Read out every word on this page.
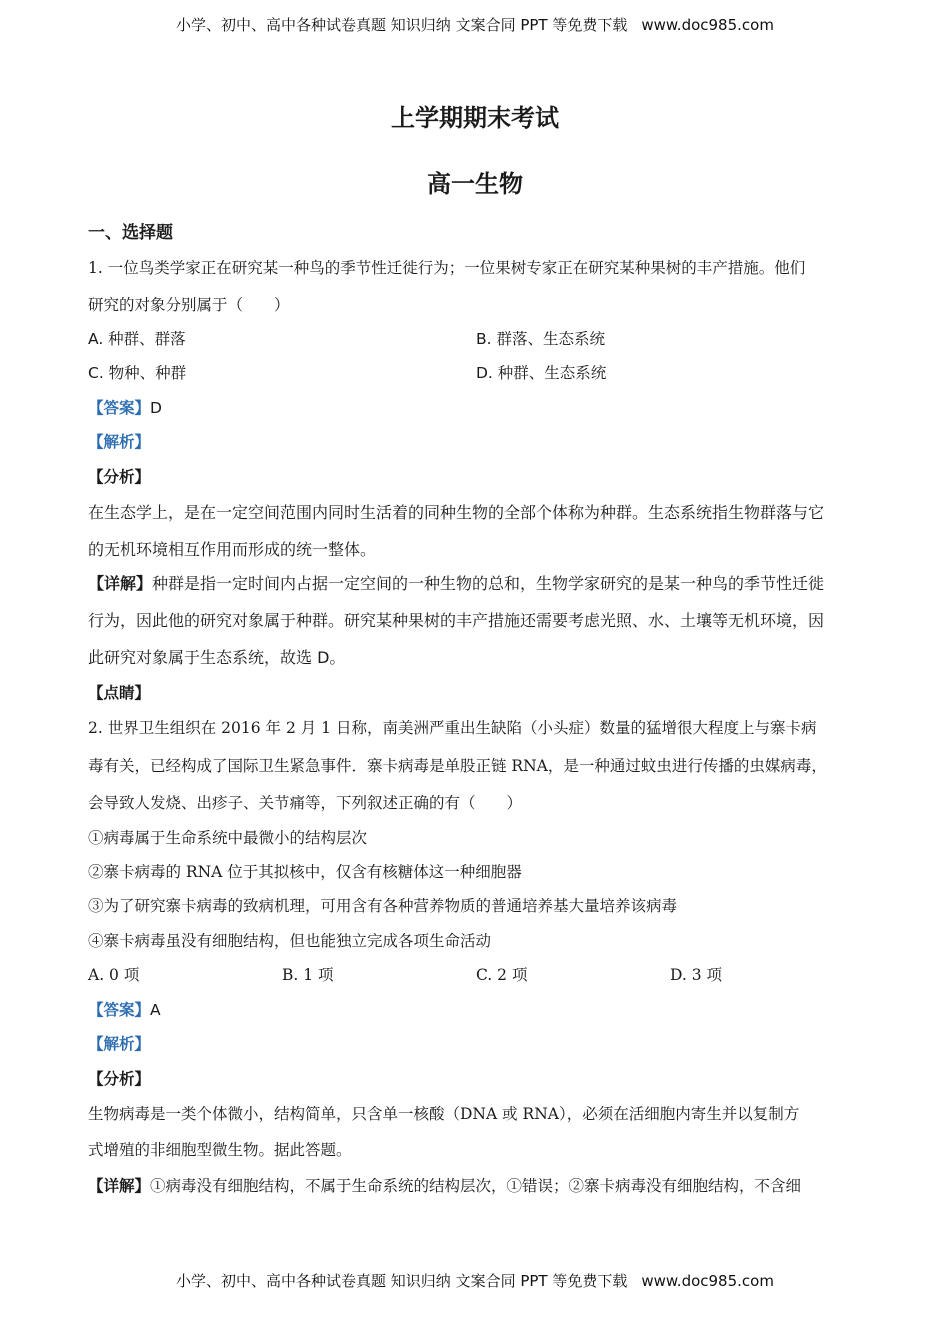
小学、初中、高中各种试卷真题 知识归纳 文案合同 PPT 等免费下载 www.doc985.com
上学期期末考试
高一生物
一、选择题
1. 一位鸟类学家正在研究某一种鸟的季节性迁徙行为；一位果树专家正在研究某种果树的丰产措施。他们
研究的对象分别属于（　　）
A. 种群、群落	B. 群落、生态系统
C. 物种、种群	D. 种群、生态系统
【答案】D
【解析】
【分析】
在生态学上，是在一定空间范围内同时生活着的同种生物的全部个体称为种群。生态系统指生物群落与它
的无机环境相互作用而形成的统一整体。
【详解】种群是指一定时间内占据一定空间的一种生物的总和，生物学家研究的是某一种鸟的季节性迁徙
行为，因此他的研究对象属于种群。研究某种果树的丰产措施还需要考虑光照、水、土壤等无机环境，因
此研究对象属于生态系统，故选 D。
【点睛】
2. 世界卫生组织在 2016 年 2 月 1 日称，南美洲严重出生缺陷（小头症）数量的猛增很大程度上与寨卡病
毒有关，已经构成了国际卫生紧急事件．寨卡病毒是单股正链 RNA，是一种通过蚊虫进行传播的虫媒病毒，
会导致人发烧、出疹子、关节痛等，下列叙述正确的有（　　）
①病毒属于生命系统中最微小的结构层次
②寨卡病毒的 RNA 位于其拟核中，仅含有核糖体这一种细胞器
③为了研究寨卡病毒的致病机理，可用含有各种营养物质的普通培养基大量培养该病毒
④寨卡病毒虽没有细胞结构，但也能独立完成各项生命活动
A. 0 项	B. 1 项	C. 2 项	D. 3 项
【答案】A
【解析】
【分析】
生物病毒是一类个体微小，结构简单，只含单一核酸（DNA 或 RNA），必须在活细胞内寄生并以复制方
式增殖的非细胞型微生物。据此答题。
【详解】①病毒没有细胞结构，不属于生命系统的结构层次，①错误；②寨卡病毒没有细胞结构，不含细
小学、初中、高中各种试卷真题 知识归纳 文案合同 PPT 等免费下载 www.doc985.com
